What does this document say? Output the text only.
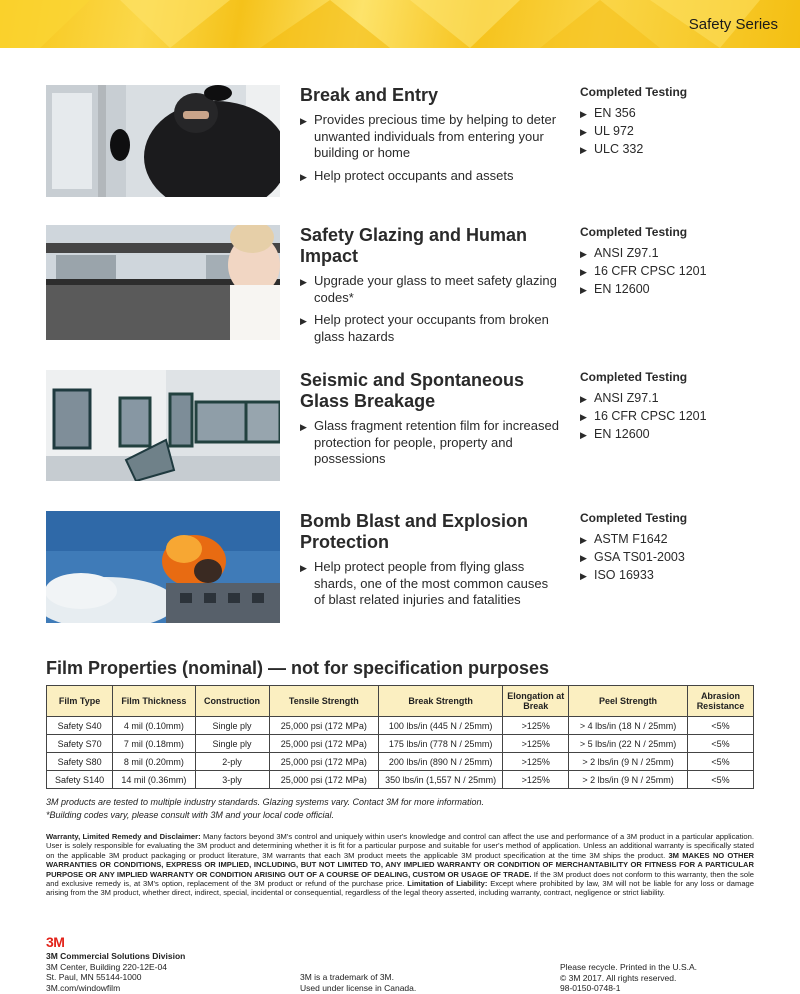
Safety Series
Break and Entry
▶ Provides precious time by helping to deter unwanted individuals from entering your building or home
▶ Help protect occupants and assets
Completed Testing
▶ EN 356
▶ UL 972
▶ ULC 332
Safety Glazing and Human Impact
▶ Upgrade your glass to meet safety glazing codes*
▶ Help protect your occupants from broken glass hazards
Completed Testing
▶ ANSI Z97.1
▶ 16 CFR CPSC 1201
▶ EN 12600
Seismic and Spontaneous Glass Breakage
▶ Glass fragment retention film for increased protection for people, property and possessions
Completed Testing
▶ ANSI Z97.1
▶ 16 CFR CPSC 1201
▶ EN 12600
Bomb Blast and Explosion Protection
▶ Help protect people from flying glass shards, one of the most common causes of blast related injuries and fatalities
Completed Testing
▶ ASTM F1642
▶ GSA TS01-2003
▶ ISO 16933
Film Properties (nominal) — not for specification purposes
Film Type	Film Thickness	Construction	Tensile Strength	Break Strength	Elongation at Break	Peel Strength	Abrasion Resistance
Safety S40	4 mil (0.10mm)	Single ply	25,000 psi (172 MPa)	100 lbs/in (445 N / 25mm)	>125%	> 4 lbs/in (18 N / 25mm)	<5%
Safety S70	7 mil (0.18mm)	Single ply	25,000 psi (172 MPa)	175 lbs/in (778 N / 25mm)	>125%	> 5 lbs/in (22 N / 25mm)	<5%
Safety S80	8 mil (0.20mm)	2-ply	25,000 psi (172 MPa)	200 lbs/in (890 N / 25mm)	>125%	> 2 lbs/in (9 N / 25mm)	<5%
Safety S140	14 mil (0.36mm)	3-ply	25,000 psi (172 MPa)	350 lbs/in (1,557 N / 25mm)	>125%	> 2 lbs/in (9 N / 25mm)	<5%
3M products are tested to multiple industry standards. Glazing systems vary. Contact 3M for more information.
*Building codes vary, please consult with 3M and your local code official.
Warranty, Limited Remedy and Disclaimer: Many factors beyond 3M's control and uniquely within user's knowledge and control can affect the use and performance of a 3M product in a particular application. User is solely responsible for evaluating the 3M product and determining whether it is fit for a particular purpose and suitable for user's method of application. Unless an additional warranty is specifically stated on the applicable 3M product packaging or product literature, 3M warrants that each 3M product meets the applicable 3M product specification at the time 3M ships the product. 3M MAKES NO OTHER WARRANTIES OR CONDITIONS, EXPRESS OR IMPLIED, INCLUDING, BUT NOT LIMITED TO, ANY IMPLIED WARRANTY OR CONDITION OF MERCHANTABILITY OR FITNESS FOR A PARTICULAR PURPOSE OR ANY IMPLIED WARRANTY OR CONDITION ARISING OUT OF A COURSE OF DEALING, CUSTOM OR USAGE OF TRADE. If the 3M product does not conform to this warranty, then the sole and exclusive remedy is, at 3M's option, replacement of the 3M product or refund of the purchase price. Limitation of Liability: Except where prohibited by law, 3M will not be liable for any loss or damage arising from the 3M product, whether direct, indirect, special, incidental or consequential, regardless of the legal theory asserted, including warranty, contract, negligence or strict liability.
3M
3M Commercial Solutions Division
3M Center, Building 220-12E-04
St. Paul, MN 55144-1000
3M.com/windowfilm
3M is a trademark of 3M.
Used under license in Canada.
Please recycle. Printed in the U.S.A.
© 3M 2017. All rights reserved.
98-0150-0748-1
